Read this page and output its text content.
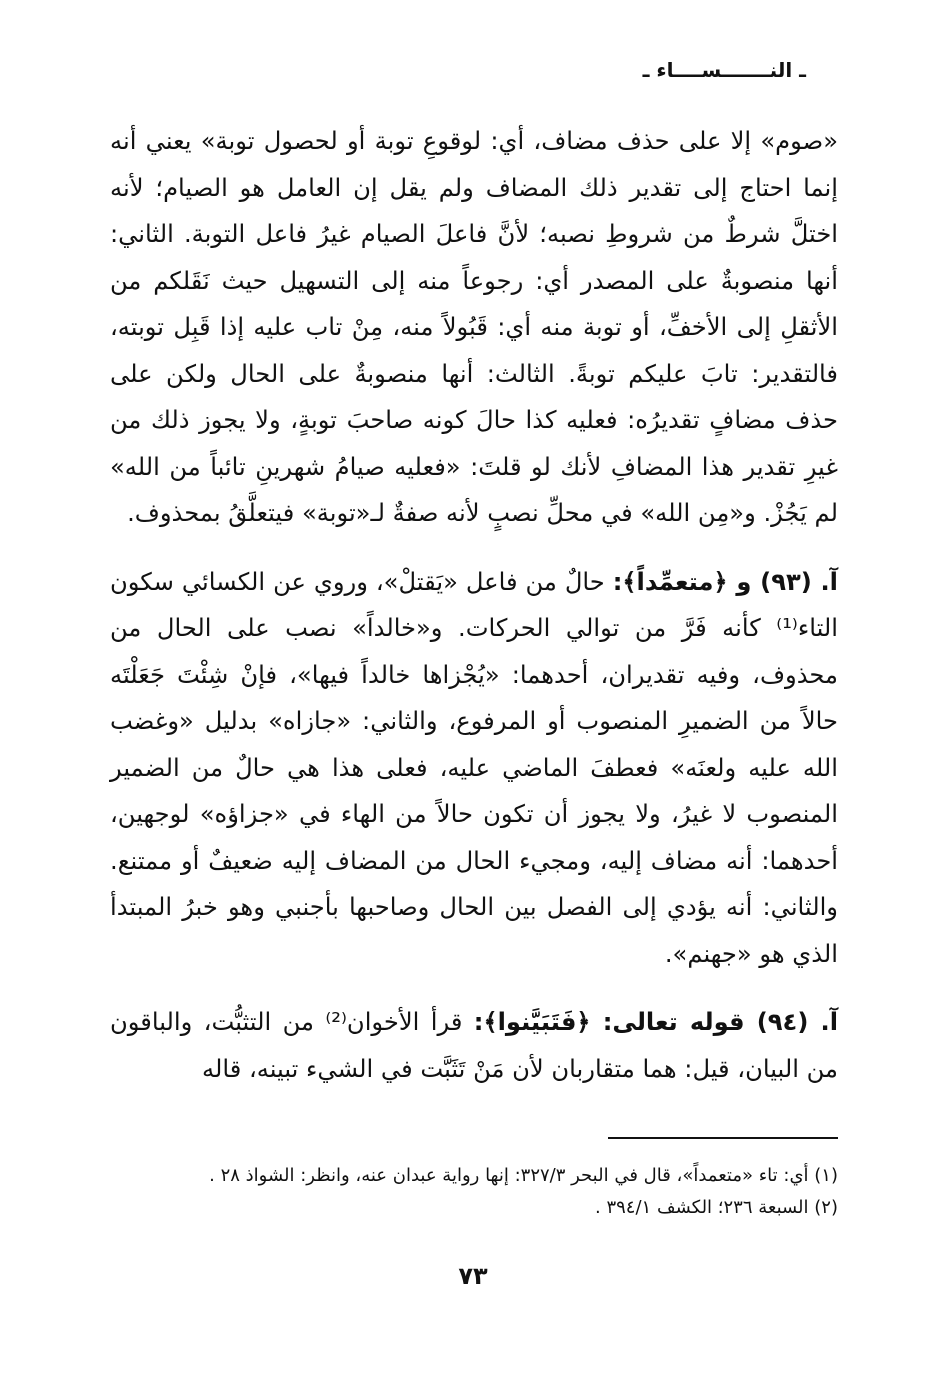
ـ النـــــــســــاء ـ

«صوم» إلا على حذف مضاف، أي: لوقوعِ توبة أو لحصول توبة» يعني أنه إنما احتاج إلى تقدير ذلك المضاف ولم يقل إن العامل هو الصيام؛ لأنه اختلَّ شرطٌ من شروطِ نصبه؛ لأنَّ فاعلَ الصيام غيرُ فاعل التوبة. الثاني: أنها منصوبةٌ على المصدر أي: رجوعاً منه إلى التسهيل حيث نَقَلكم من الأثقلِ إلى الأخفِّ، أو توبة منه أي: قَبُولاً منه، مِنْ تاب عليه إذا قَبِل توبته، فالتقدير: تابَ عليكم توبةً. الثالث: أنها منصوبةٌ على الحال ولكن على حذف مضافٍ تقديرُه: فعليه كذا حالَ كونه صاحبَ توبةٍ، ولا يجوز ذلك من غيرِ تقدير هذا المضافِ لأنك لو قلتَ: «فعليه صيامُ شهرينِ تائباً من الله» لم يَجُزْ. و«مِن الله» في محلِّ نصبٍ لأنه صفةٌ لـ«توبة» فيتعلَّقُ بمحذوف.

آ. (٩٣) و ﴿متعمِّداً﴾: حالٌ من فاعل «يَقتلْ»، وروي عن الكسائي سكون التاء⁽¹⁾ كأنه فَرَّ من توالي الحركات. و«خالداً» نصب على الحال من محذوف، وفيه تقديران، أحدهما: «يُجْزاها خالداً فيها»، فإنْ شِئْتَ جَعَلْتَه حالاً من الضميرِ المنصوب أو المرفوع، والثاني: «جازاه» بدليل «وغضب الله عليه ولعنَه» فعطفَ الماضي عليه، فعلى هذا هي حالٌ من الضمير المنصوب لا غيرُ، ولا يجوز أن تكون حالاً من الهاء في «جزاؤه» لوجهين، أحدهما: أنه مضاف إليه، ومجيء الحال من المضاف إليه ضعيفٌ أو ممتنع. والثاني: أنه يؤدي إلى الفصل بين الحال وصاحبها بأجنبي وهو خبرُ المبتدأ الذي هو «جهنم».

آ. (٩٤) قوله تعالى: ﴿فَتَبَيَّنوا﴾: قرأ الأخوان⁽²⁾ من التثبُّت، والباقون من البيان، قيل: هما متقاربان لأن مَنْ تَثَبَّت في الشيء تبينه، قاله

(١) أي: تاء «متعمداً»، قال في البحر ٣٢٧/٣: إنها رواية عبدان عنه، وانظر: الشواذ ٢٨ .

(٢) السبعة ٢٣٦؛ الكشف ٣٩٤/١ .

٧٣
